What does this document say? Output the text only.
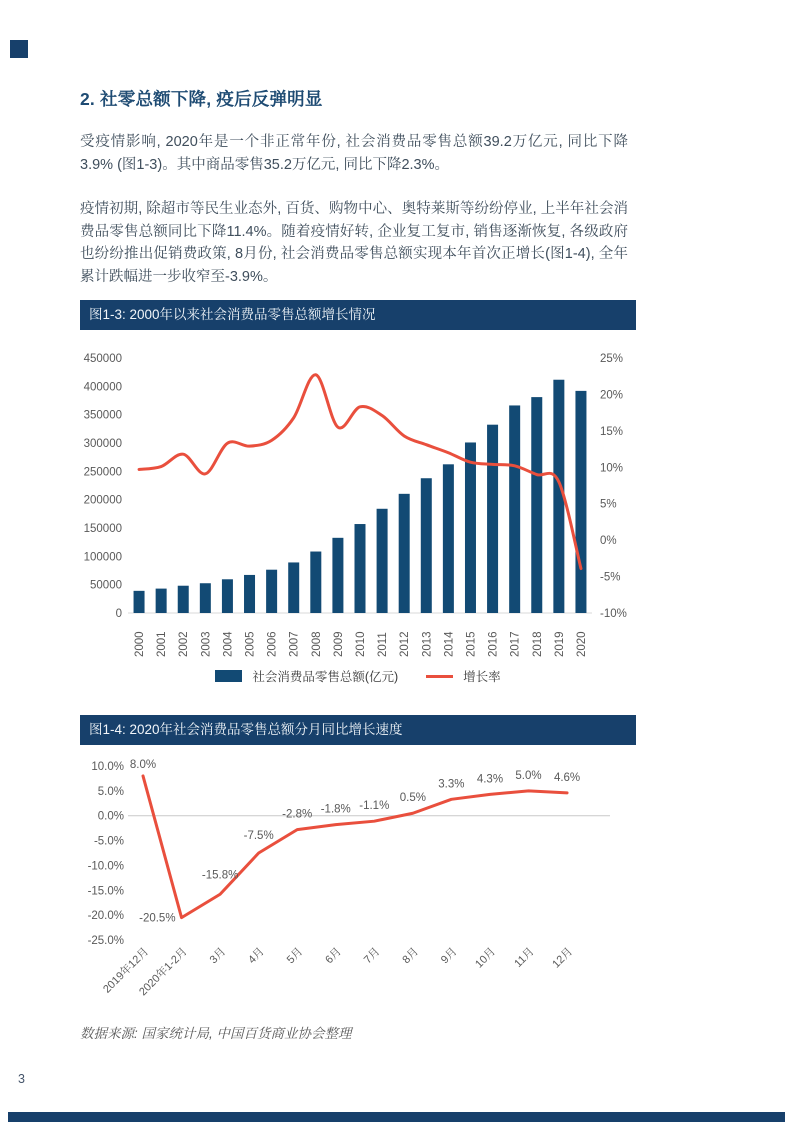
2. 社零总额下降, 疫后反弹明显

受疫情影响, 2020年是一个非正常年份, 社会消费品零售总额39.2万亿元, 同比下降3.9% (图1-3)。其中商品零售35.2万亿元, 同比下降2.3%。

疫情初期, 除超市等民生业态外, 百货、购物中心、奥特莱斯等纷纷停业, 上半年社会消费品零售总额同比下降11.4%。随着疫情好转, 企业复工复市, 销售逐渐恢复, 各级政府也纷纷推出促销费政策, 8月份, 社会消费品零售总额实现本年首次正增长(图1-4), 全年累计跌幅进一步收窄至-3.9%。

图1-3: 2000年以来社会消费品零售总额增长情况
0
50000
100000
150000
200000
250000
300000
350000
400000
450000
-10%
-5%
0%
5%
10%
15%
20%
25%
2000 2001 2002 2003 2004 2005 2006 2007 2008 2009 2010 2011 2012 2013 2014 2015 2016 2017 2018 2019 2020
社会消费品零售总额(亿元)	增长率
图1-4: 2020年社会消费品零售总额分月同比增长速度
10.0%
5.0%
0.0%
-5.0%
-10.0%
-15.0%
-20.0%
-25.0%
8.0%
2019年12月
-20.5%
2020年1-2月
-15.8%
3月
-7.5%
4月
-2.8%
5月
-1.8%
6月
-1.1%
7月
0.5%
8月
3.3%
9月
4.3%
10月
5.0%
11月
4.6%
12月

数据来源: 国家统计局, 中国百货商业协会整理

3
